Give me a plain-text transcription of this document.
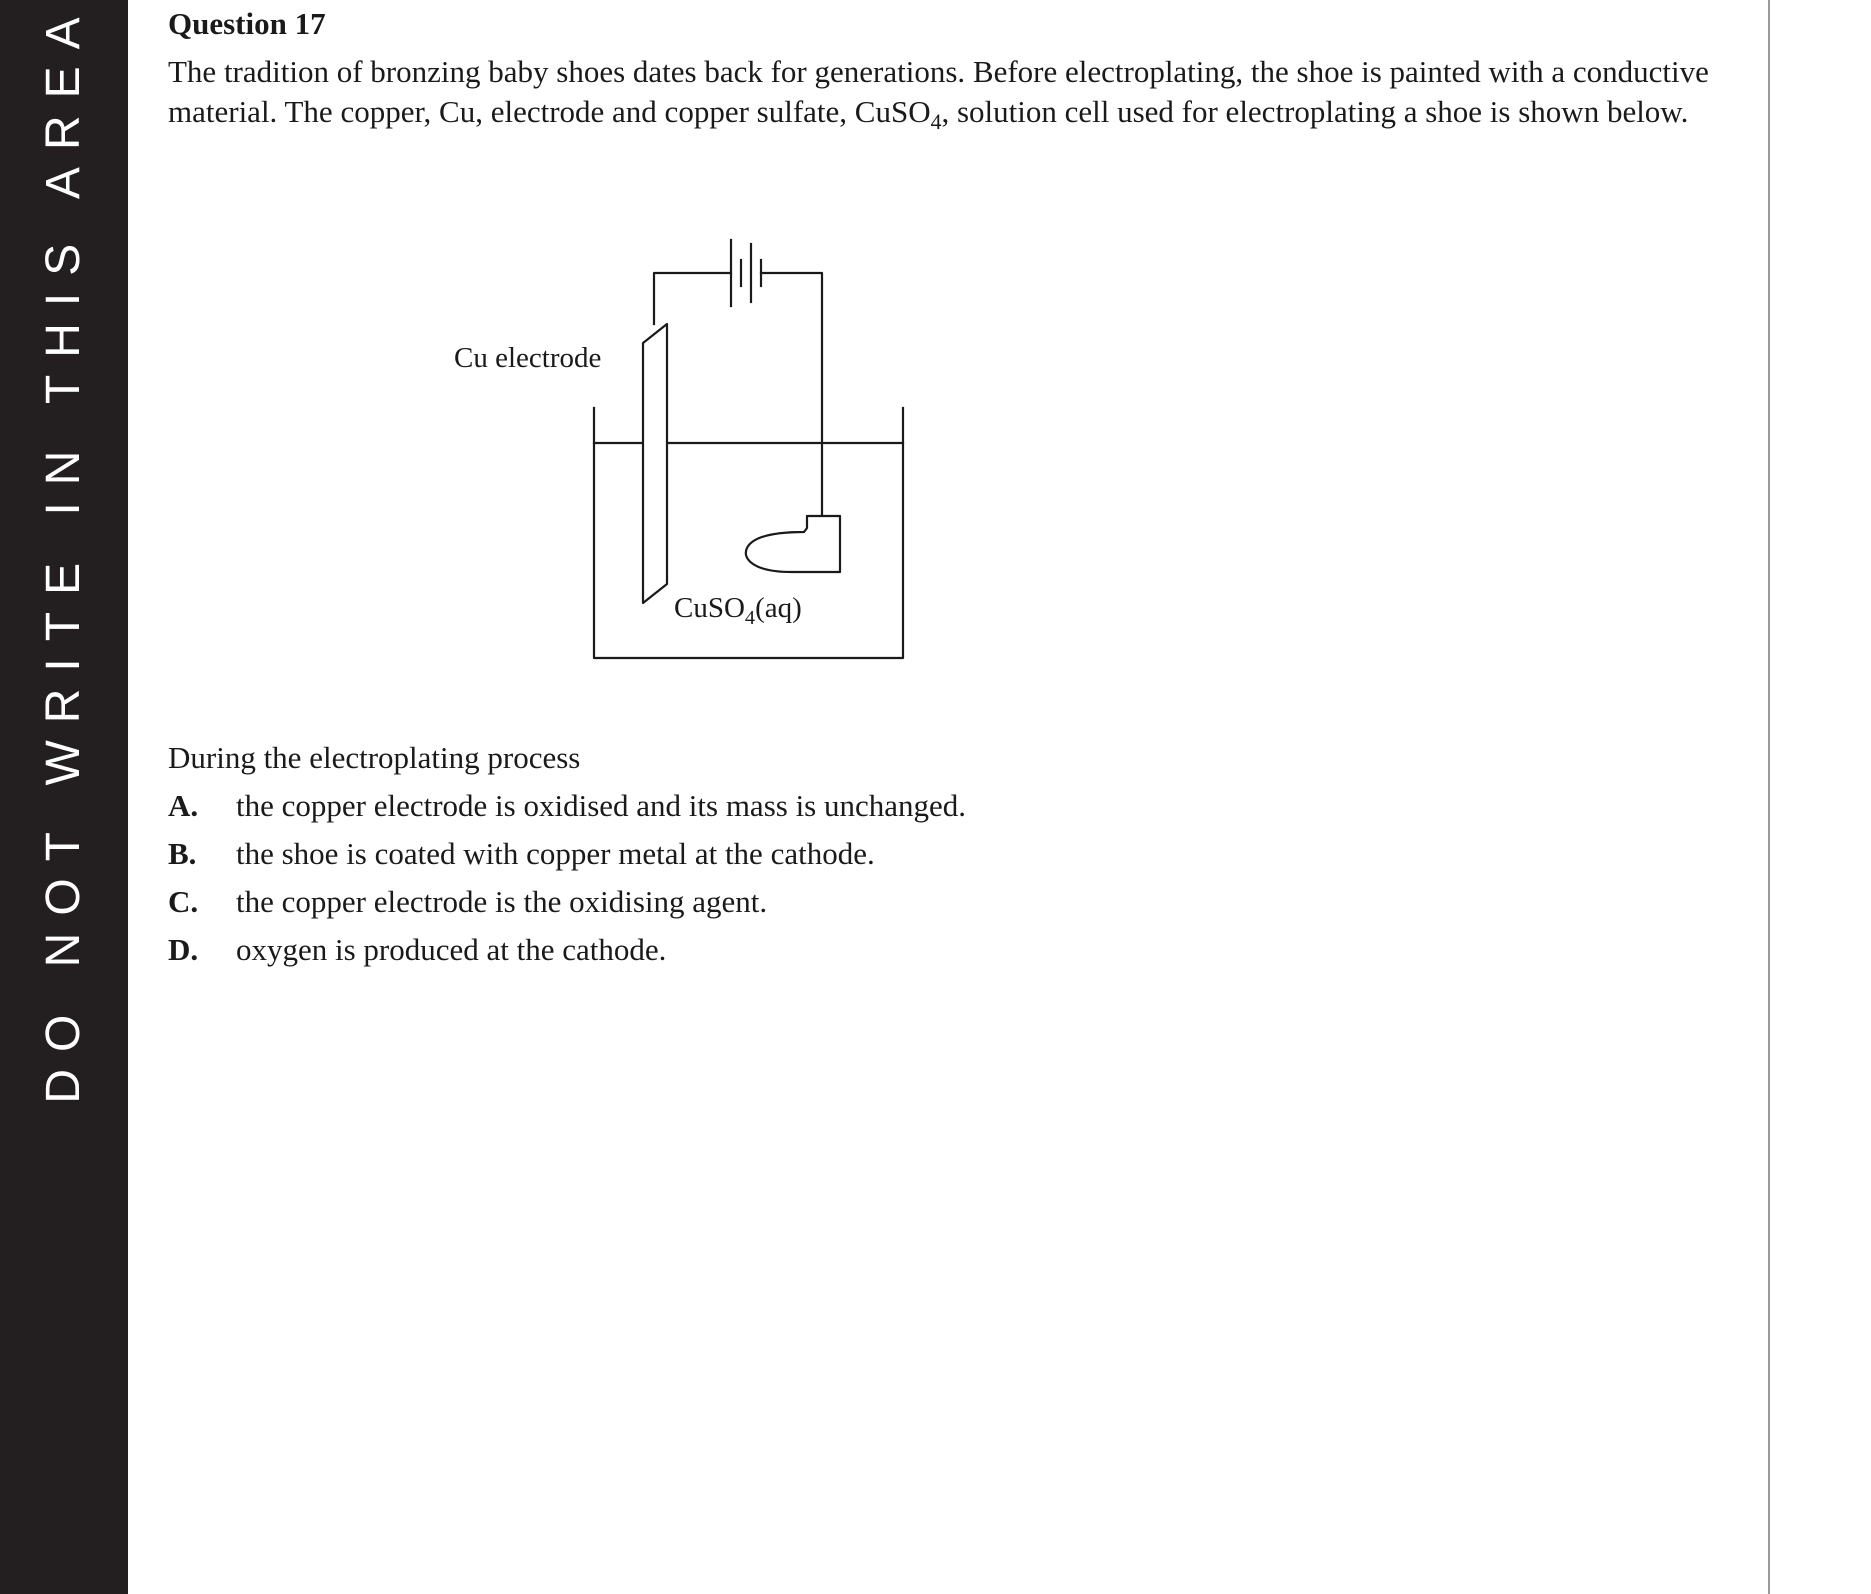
DO NOT WRITE IN THIS AREA	Question 17
The tradition of bronzing baby shoes dates back for generations. Before electroplating, the shoe is painted with a conductive material. The copper, Cu, electrode and copper sulfate, CuSO$_4$, solution cell used for electroplating a shoe is shown below.
Cu electrode
CuSO$_4$(aq)
During the electroplating process
A. the copper electrode is oxidised and its mass is unchanged.
B. the shoe is coated with copper metal at the cathode.
C. the copper electrode is the oxidising agent.
D. oxygen is produced at the cathode.
